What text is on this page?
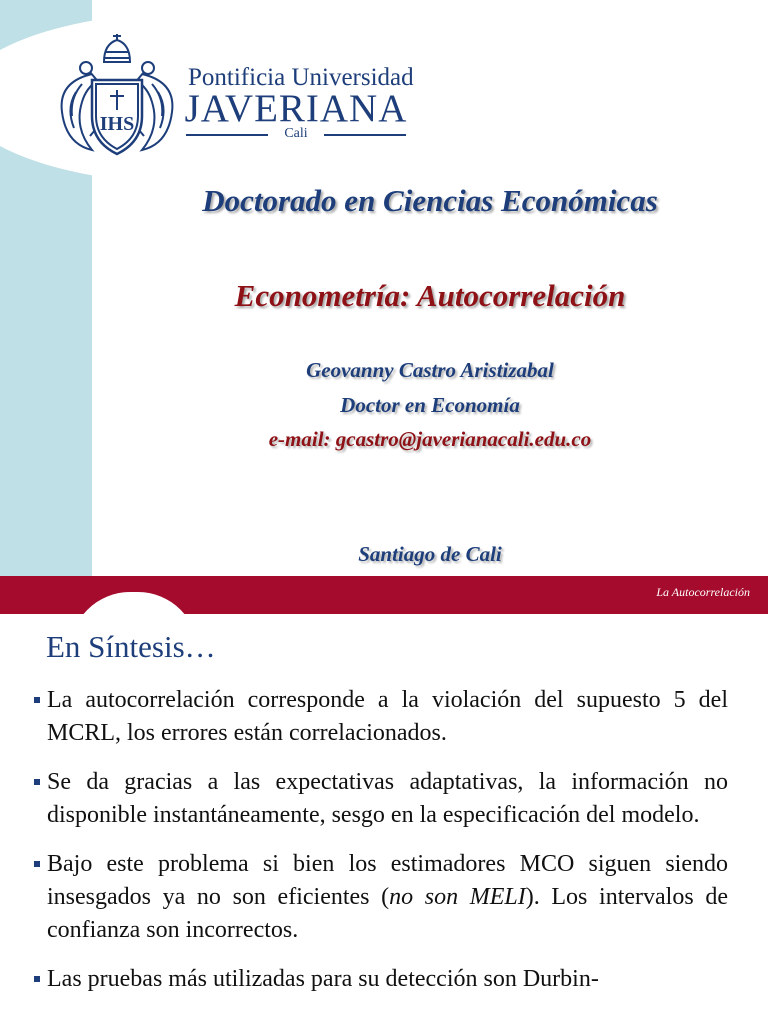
IHS
Pontificia Universidad
JAVERIANA
Cali
Doctorado en Ciencias Económicas
Econometría: Autocorrelación
Geovanny Castro Aristizabal
Doctor en Economía
e-mail: gcastro@javerianacali.edu.co
Santiago de Cali
La Autocorrelación
En Síntesis…
La autocorrelación corresponde a la violación del supuesto 5 del MCRL, los errores están correlacionados.
Se da gracias a las expectativas adaptativas, la información no disponible instantáneamente, sesgo en la especificación del modelo.
Bajo este problema si bien los estimadores MCO siguen siendo insesgados ya no son eficientes (no son MELI). Los intervalos de confianza son incorrectos.
Las pruebas más utilizadas para su detección son Durbin-
